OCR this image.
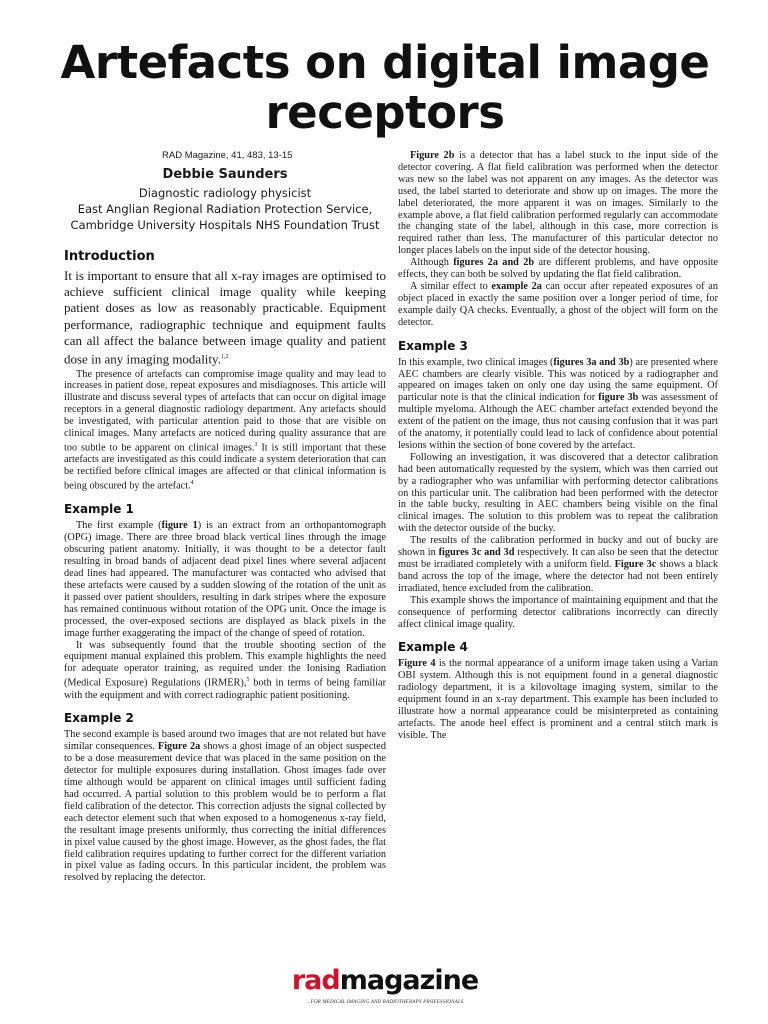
Artefacts on digital image receptors
RAD Magazine, 41, 483, 13-15
Debbie Saunders
Diagnostic radiology physicist
East Anglian Regional Radiation Protection Service,
Cambridge University Hospitals NHS Foundation Trust
Introduction

It is important to ensure that all x-ray images are optimised to achieve sufficient clinical image quality while keeping patient doses as low as reasonably practicable. Equipment performance, radiographic technique and equipment faults can all affect the balance between image quality and patient dose in any imaging modality.$^{1,2}$

The presence of artefacts can compromise image quality and may lead to increases in patient dose, repeat exposures and misdiagnoses. This article will illustrate and discuss several types of artefacts that can occur on digital image receptors in a general diagnostic radiology department. Any artefacts should be investigated, with particular attention paid to those that are visible on clinical images. Many artefacts are noticed during quality assurance that are too subtle to be apparent on clinical images.$^3$ It is still important that these artefacts are investigated as this could indicate a system deterioration that can be rectified before clinical images are affected or that clinical information is being obscured by the artefact.$^4$

Example 1

The first example (figure 1) is an extract from an orthopantomograph (OPG) image. There are three broad black vertical lines through the image obscuring patient anatomy. Initially, it was thought to be a detector fault resulting in broad bands of adjacent dead pixel lines where several adjacent dead lines had appeared. The manufacturer was contacted who advised that these artefacts were caused by a sudden slowing of the rotation of the unit as it passed over patient shoulders, resulting in dark stripes where the exposure has remained continuous without rotation of the OPG unit. Once the image is processed, the over-exposed sections are displayed as black pixels in the image further exaggerating the impact of the change of speed of rotation.

It was subsequently found that the trouble shooting section of the equipment manual explained this problem. This example highlights the need for adequate operator training, as required under the Ionising Radiation (Medical Exposure) Regulations (IRMER),$^5$ both in terms of being familiar with the equipment and with correct radiographic patient positioning.

Example 2

The second example is based around two images that are not related but have similar consequences. Figure 2a shows a ghost image of an object suspected to be a dose measurement device that was placed in the same position on the detector for multiple exposures during installation. Ghost images fade over time although would be apparent on clinical images until sufficient fading had occurred. A partial solution to this problem would be to perform a flat field calibration of the detector. This correction adjusts the signal collected by each detector element such that when exposed to a homogeneous x-ray field, the resultant image presents uniformly, thus correcting the initial differences in pixel value caused by the ghost image. However, as the ghost fades, the flat field calibration requires updating to further correct for the different variation in pixel value as fading occurs. In this particular incident, the problem was resolved by replacing the detector.

Figure 2b is a detector that has a label stuck to the input side of the detector covering. A flat field calibration was performed when the detector was new so the label was not apparent on any images. As the detector was used, the label started to deteriorate and show up on images. The more the label deteriorated, the more apparent it was on images. Similarly to the example above, a flat field calibration performed regularly can accommodate the changing state of the label, although in this case, more correction is required rather than less. The manufacturer of this particular detector no longer places labels on the input side of the detector housing.

Although figures 2a and 2b are different problems, and have opposite effects, they can both be solved by updating the flat field calibration.

A similar effect to example 2a can occur after repeated exposures of an object placed in exactly the same position over a longer period of time, for example daily QA checks. Eventually, a ghost of the object will form on the detector.

Example 3

In this example, two clinical images (figures 3a and 3b) are presented where AEC chambers are clearly visible. This was noticed by a radiographer and appeared on images taken on only one day using the same equipment. Of particular note is that the clinical indication for figure 3b was assessment of multiple myeloma. Although the AEC chamber artefact extended beyond the extent of the patient on the image, thus not causing confusion that it was part of the anatomy, it potentially could lead to lack of confidence about potential lesions within the section of bone covered by the artefact.

Following an investigation, it was discovered that a detector calibration had been automatically requested by the system, which was then carried out by a radiographer who was unfamiliar with performing detector calibrations on this particular unit. The calibration had been performed with the detector in the table bucky, resulting in AEC chambers being visible on the final clinical images. The solution to this problem was to repeat the calibration with the detector outside of the bucky.

The results of the calibration performed in bucky and out of bucky are shown in figures 3c and 3d respectively. It can also be seen that the detector must be irradiated completely with a uniform field. Figure 3c shows a black band across the top of the image, where the detector had not been entirely irradiated, hence excluded from the calibration.

This example shows the importance of maintaining equipment and that the consequence of performing detector calibrations incorrectly can directly affect clinical image quality.

Example 4

Figure 4 is the normal appearance of a uniform image taken using a Varian OBI system. Although this is not equipment found in a general diagnostic radiology department, it is a kilovoltage imaging system, similar to the equipment found in an x-ray department. This example has been included to illustrate how a normal appearance could be misinterpreted as containing artefacts. The anode heel effect is prominent and a central stitch mark is visible. The

radmagazine
...FOR MEDICAL IMAGING AND RADIOTHERAPY PROFESSIONALS
